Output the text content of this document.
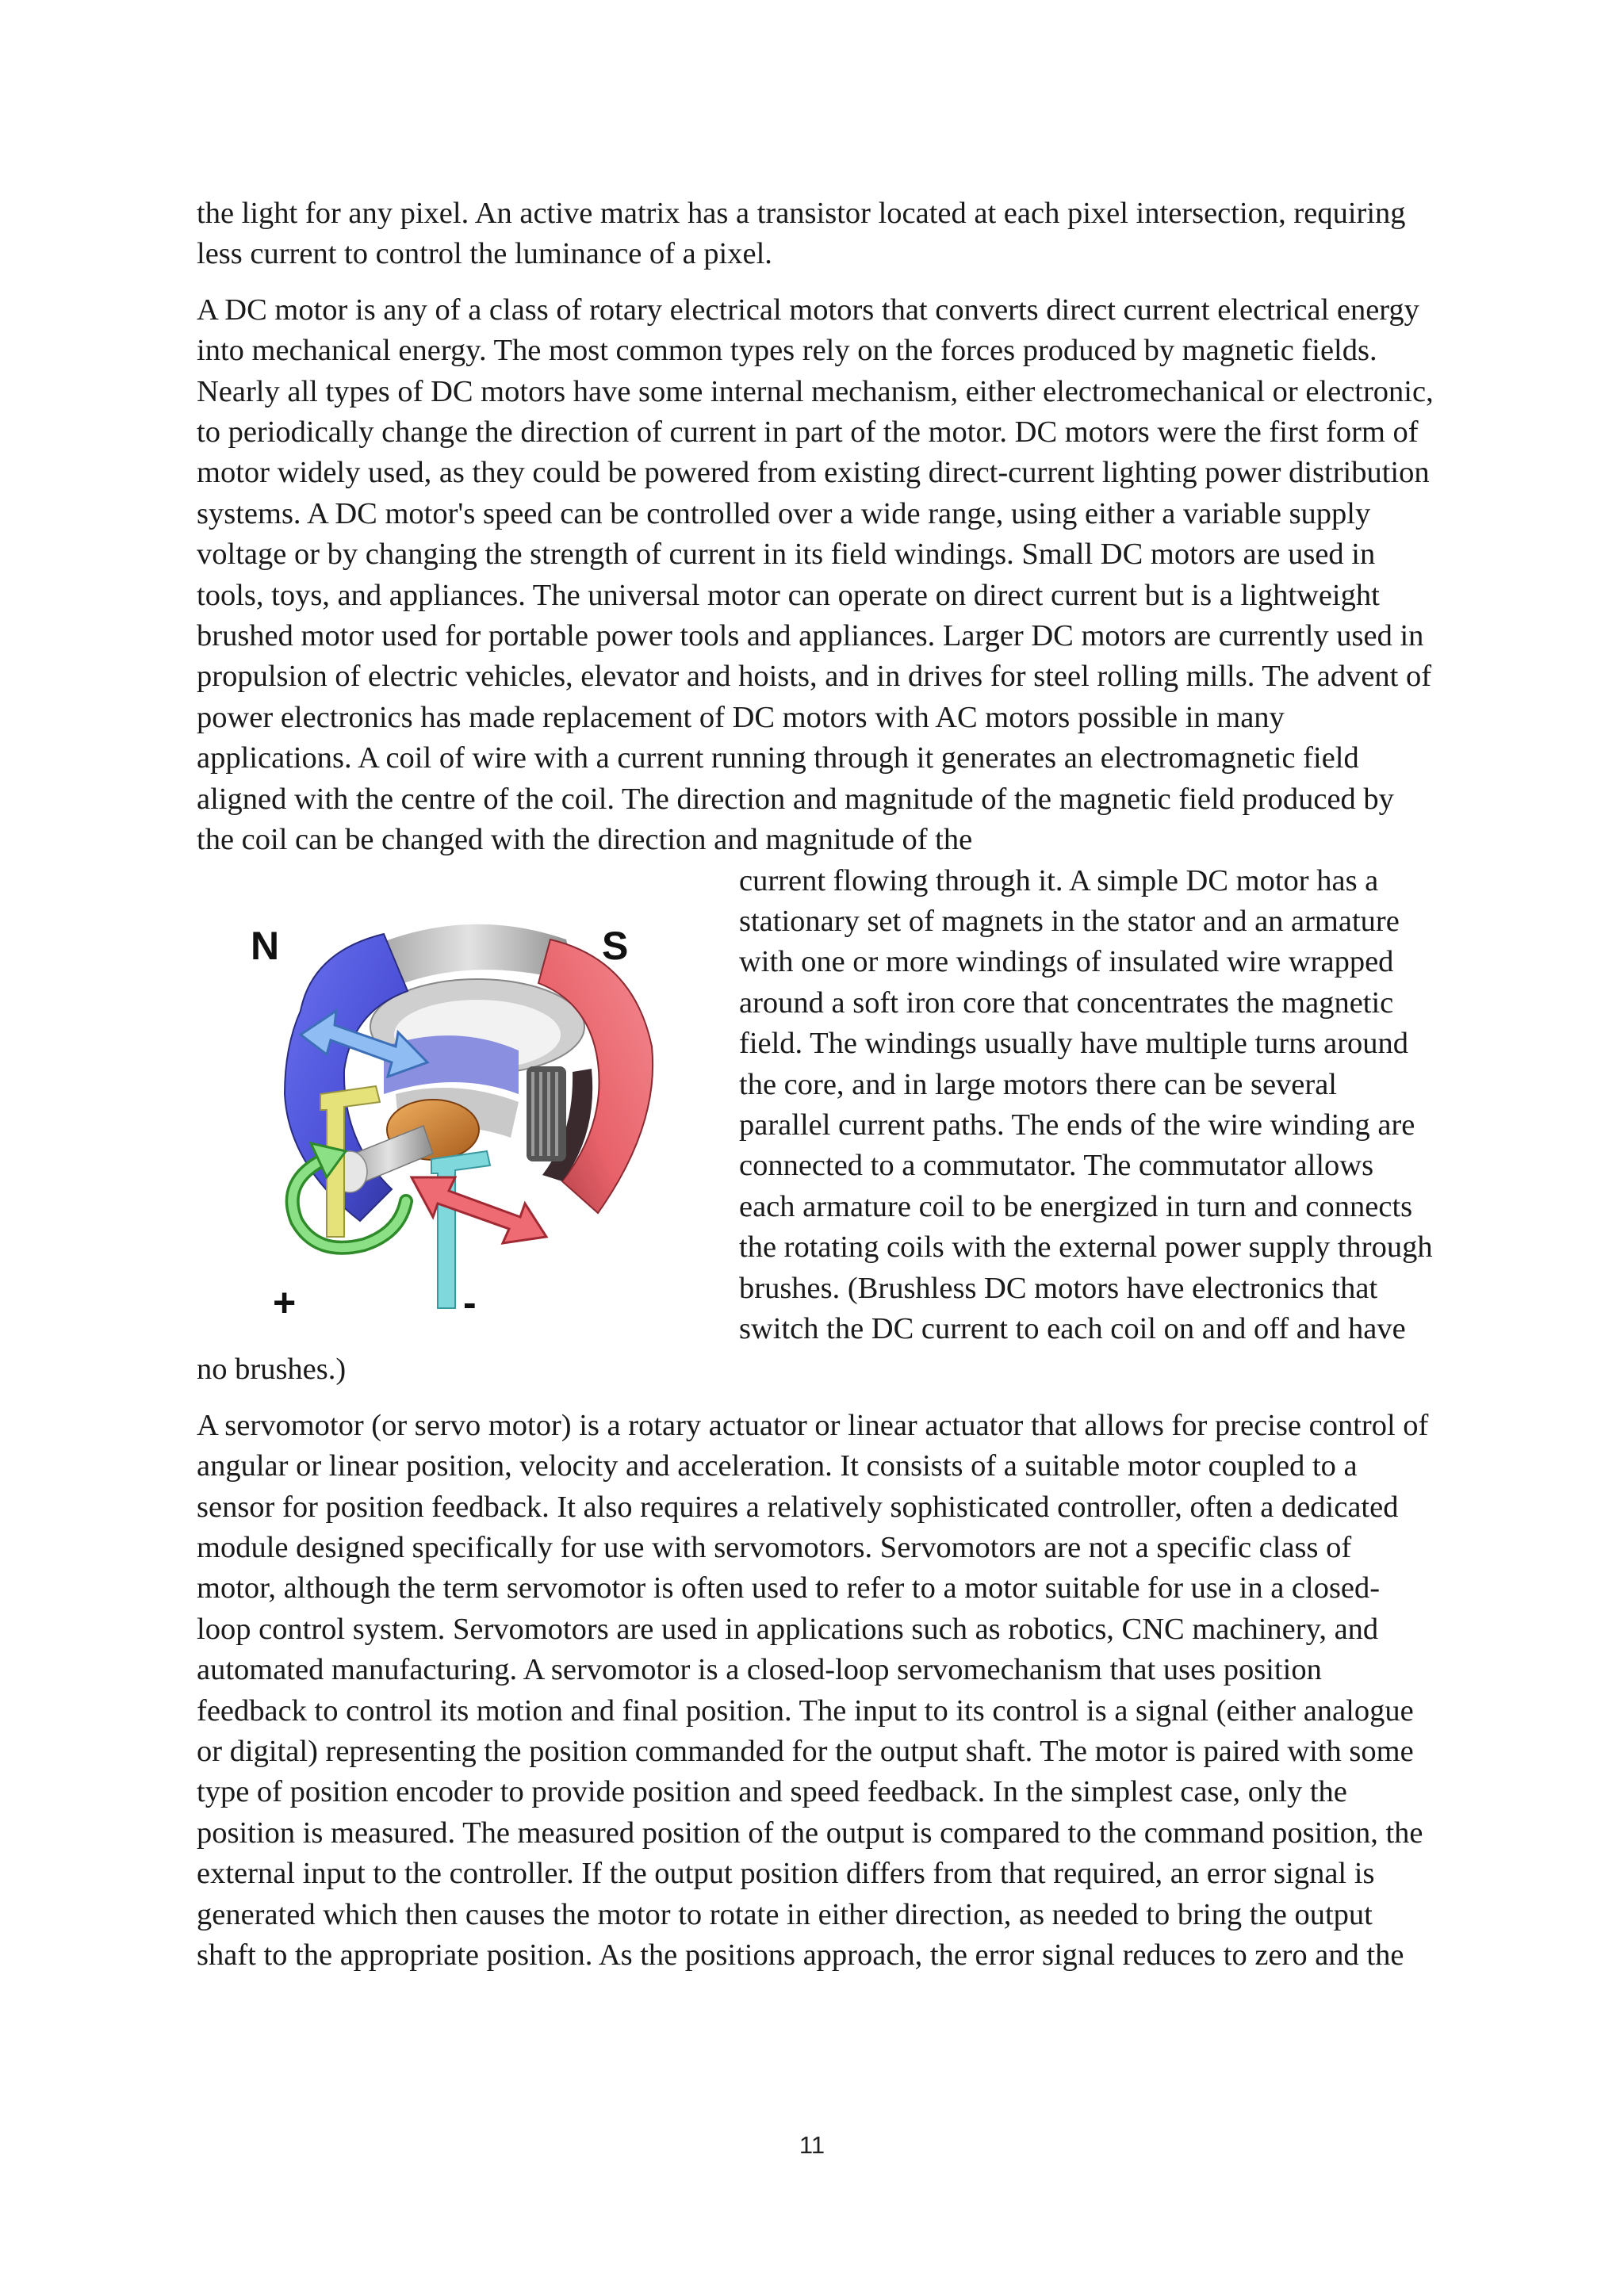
the light for any pixel. An active matrix has a transistor located at each pixel intersection, requiring less current to control the luminance of a pixel.

A DC motor is any of a class of rotary electrical motors that converts direct current electrical energy into mechanical energy. The most common types rely on the forces produced by magnetic fields. Nearly all types of DC motors have some internal mechanism, either electromechanical or electronic, to periodically change the direction of current in part of the motor. DC motors were the first form of motor widely used, as they could be powered from existing direct-current lighting power distribution systems. A DC motor's speed can be controlled over a wide range, using either a variable supply voltage or by changing the strength of current in its field windings. Small DC motors are used in tools, toys, and appliances. The universal motor can operate on direct current but is a lightweight brushed motor used for portable power tools and appliances. Larger DC motors are currently used in propulsion of electric vehicles, elevator and hoists, and in drives for steel rolling mills. The advent of power electronics has made replacement of DC motors with AC motors possible in many applications. A coil of wire with a current running through it generates an electromagnetic field aligned with the centre of the coil. The direction and magnitude of the magnetic field produced by the coil can be changed with the direction and magnitude of the
N	S
+	-

current flowing through it. A simple DC motor has a stationary set of magnets in the stator and an armature with one or more windings of insulated wire wrapped around a soft iron core that concentrates the magnetic field. The windings usually have multiple turns around the core, and in large motors there can be several parallel current paths. The ends of the wire winding are connected to a commutator. The commutator allows each armature coil to be energized in turn and connects the rotating coils with the external power supply through brushes. (Brushless DC motors have electronics that switch the DC current to each coil on and off and have no brushes.)

A servomotor (or servo motor) is a rotary actuator or linear actuator that allows for precise control of angular or linear position, velocity and acceleration. It consists of a suitable motor coupled to a sensor for position feedback. It also requires a relatively sophisticated controller, often a dedicated module designed specifically for use with servomotors. Servomotors are not a specific class of motor, although the term servomotor is often used to refer to a motor suitable for use in a closed-loop control system. Servomotors are used in applications such as robotics, CNC machinery, and automated manufacturing. A servomotor is a closed-loop servomechanism that uses position feedback to control its motion and final position. The input to its control is a signal (either analogue or digital) representing the position commanded for the output shaft. The motor is paired with some type of position encoder to provide position and speed feedback. In the simplest case, only the position is measured. The measured position of the output is compared to the command position, the external input to the controller. If the output position differs from that required, an error signal is generated which then causes the motor to rotate in either direction, as needed to bring the output shaft to the appropriate position. As the positions approach, the error signal reduces to zero and the

11
